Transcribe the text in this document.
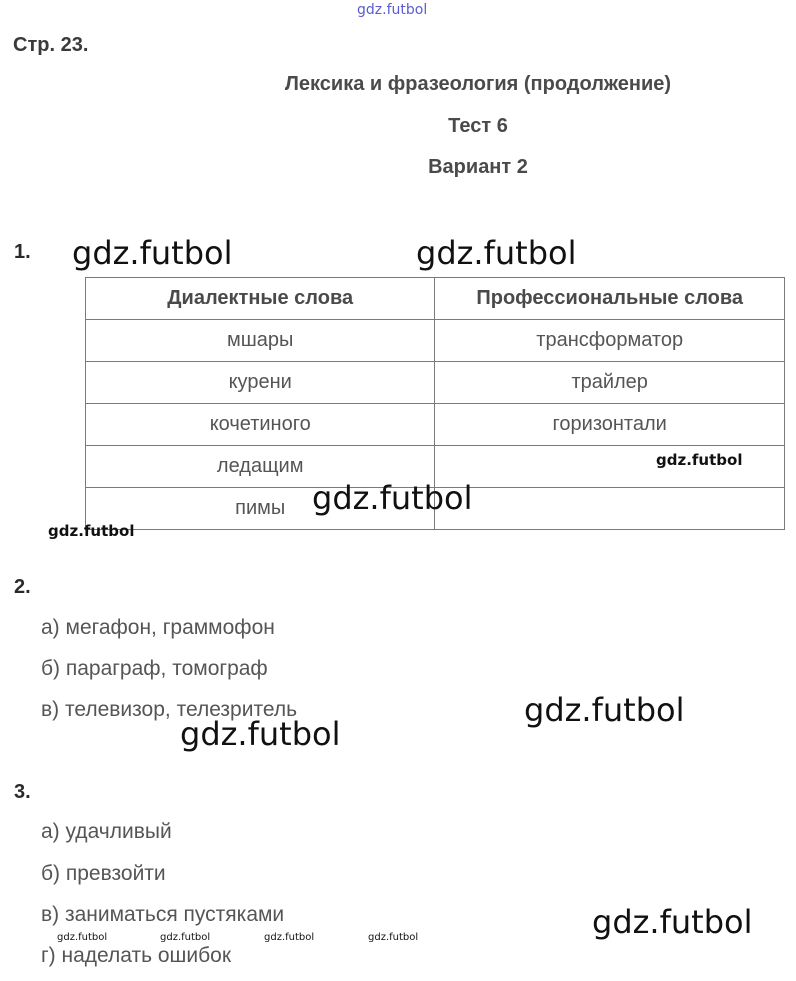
gdz.futbol
Стр. 23.
Лексика и фразеология (продолжение)
Тест 6
Вариант 2
1.
Диалектные слова	Профессиональные слова
мшары	трансформатор
курени	трайлер
кочетиного	горизонтали
ледащим	
пимы	
2.
а) мегафон, граммофон
б) параграф, томограф
в) телевизор, телезритель
3.
а) удачливый
б) превзойти
в) заниматься пустяками
г) наделать ошибок
gdz.futbol	gdz.futbol
gdz.futbol
gdz.futbol
gdz.futbol
gdz.futbol
gdz.futbol
gdz.futbol
gdz.futbol	gdz.futbol	gdz.futbol	gdz.futbol
